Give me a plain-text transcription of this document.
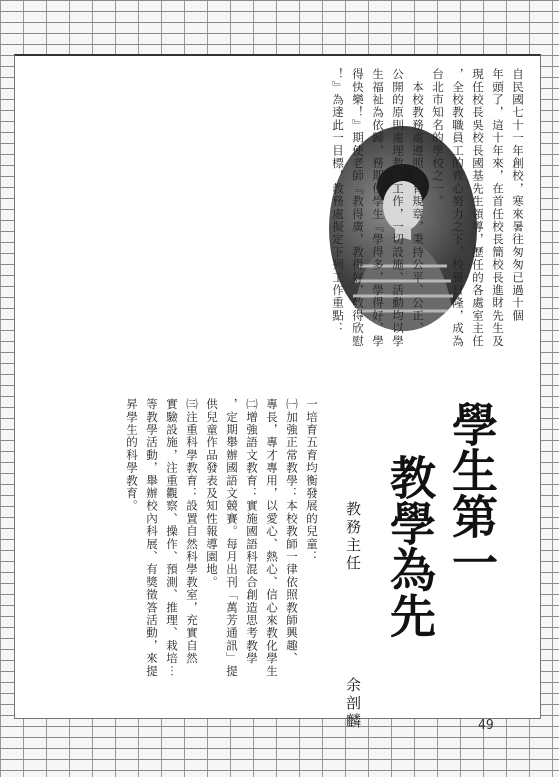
自民國七十一年創校，寒來暑往匆匆已過十個
年頭了，這十年來，在首任校長簡校長進財先生及
現任校長吳校長國基先生領導，歷任的各處室主任
，全校教職員工的齊心努力之下，校譽日隆，成為
台北市知名的學校之一。
　本校教務處遵照教育規章，秉持公平、公正、
公開的原則處理教務工作，一切設施、活動均以學
生福祉為依歸，務期使學生『學得多，學得好，學
得快樂！』期使老師『教得廣，教得好，教得欣慰
！』為達此一目標，教務處擬定下列工作重點：
一培育五育均衡發展的兒童：
㈠加強正常教學：本校教師一律依照教師興趣、
專長，專才專用，以愛心、熱心、信心來教化學生
㈡增強語文教育：實施國語科混合創造思考教學
，定期舉辦國語文競賽。每月出刊「萬芳通訊」提
供兒童作品發表及知性報導園地。
㈢注重科學教育：設置自然科學教室，充實自然
實驗設施，注重觀察、操作、預測、推理、栽培⋯
等教學活動，舉辦校內科展、有獎徵答活動，來提
昇學生的科學教育。	學生第一
教學為先
教務主任
余剖麟	49
